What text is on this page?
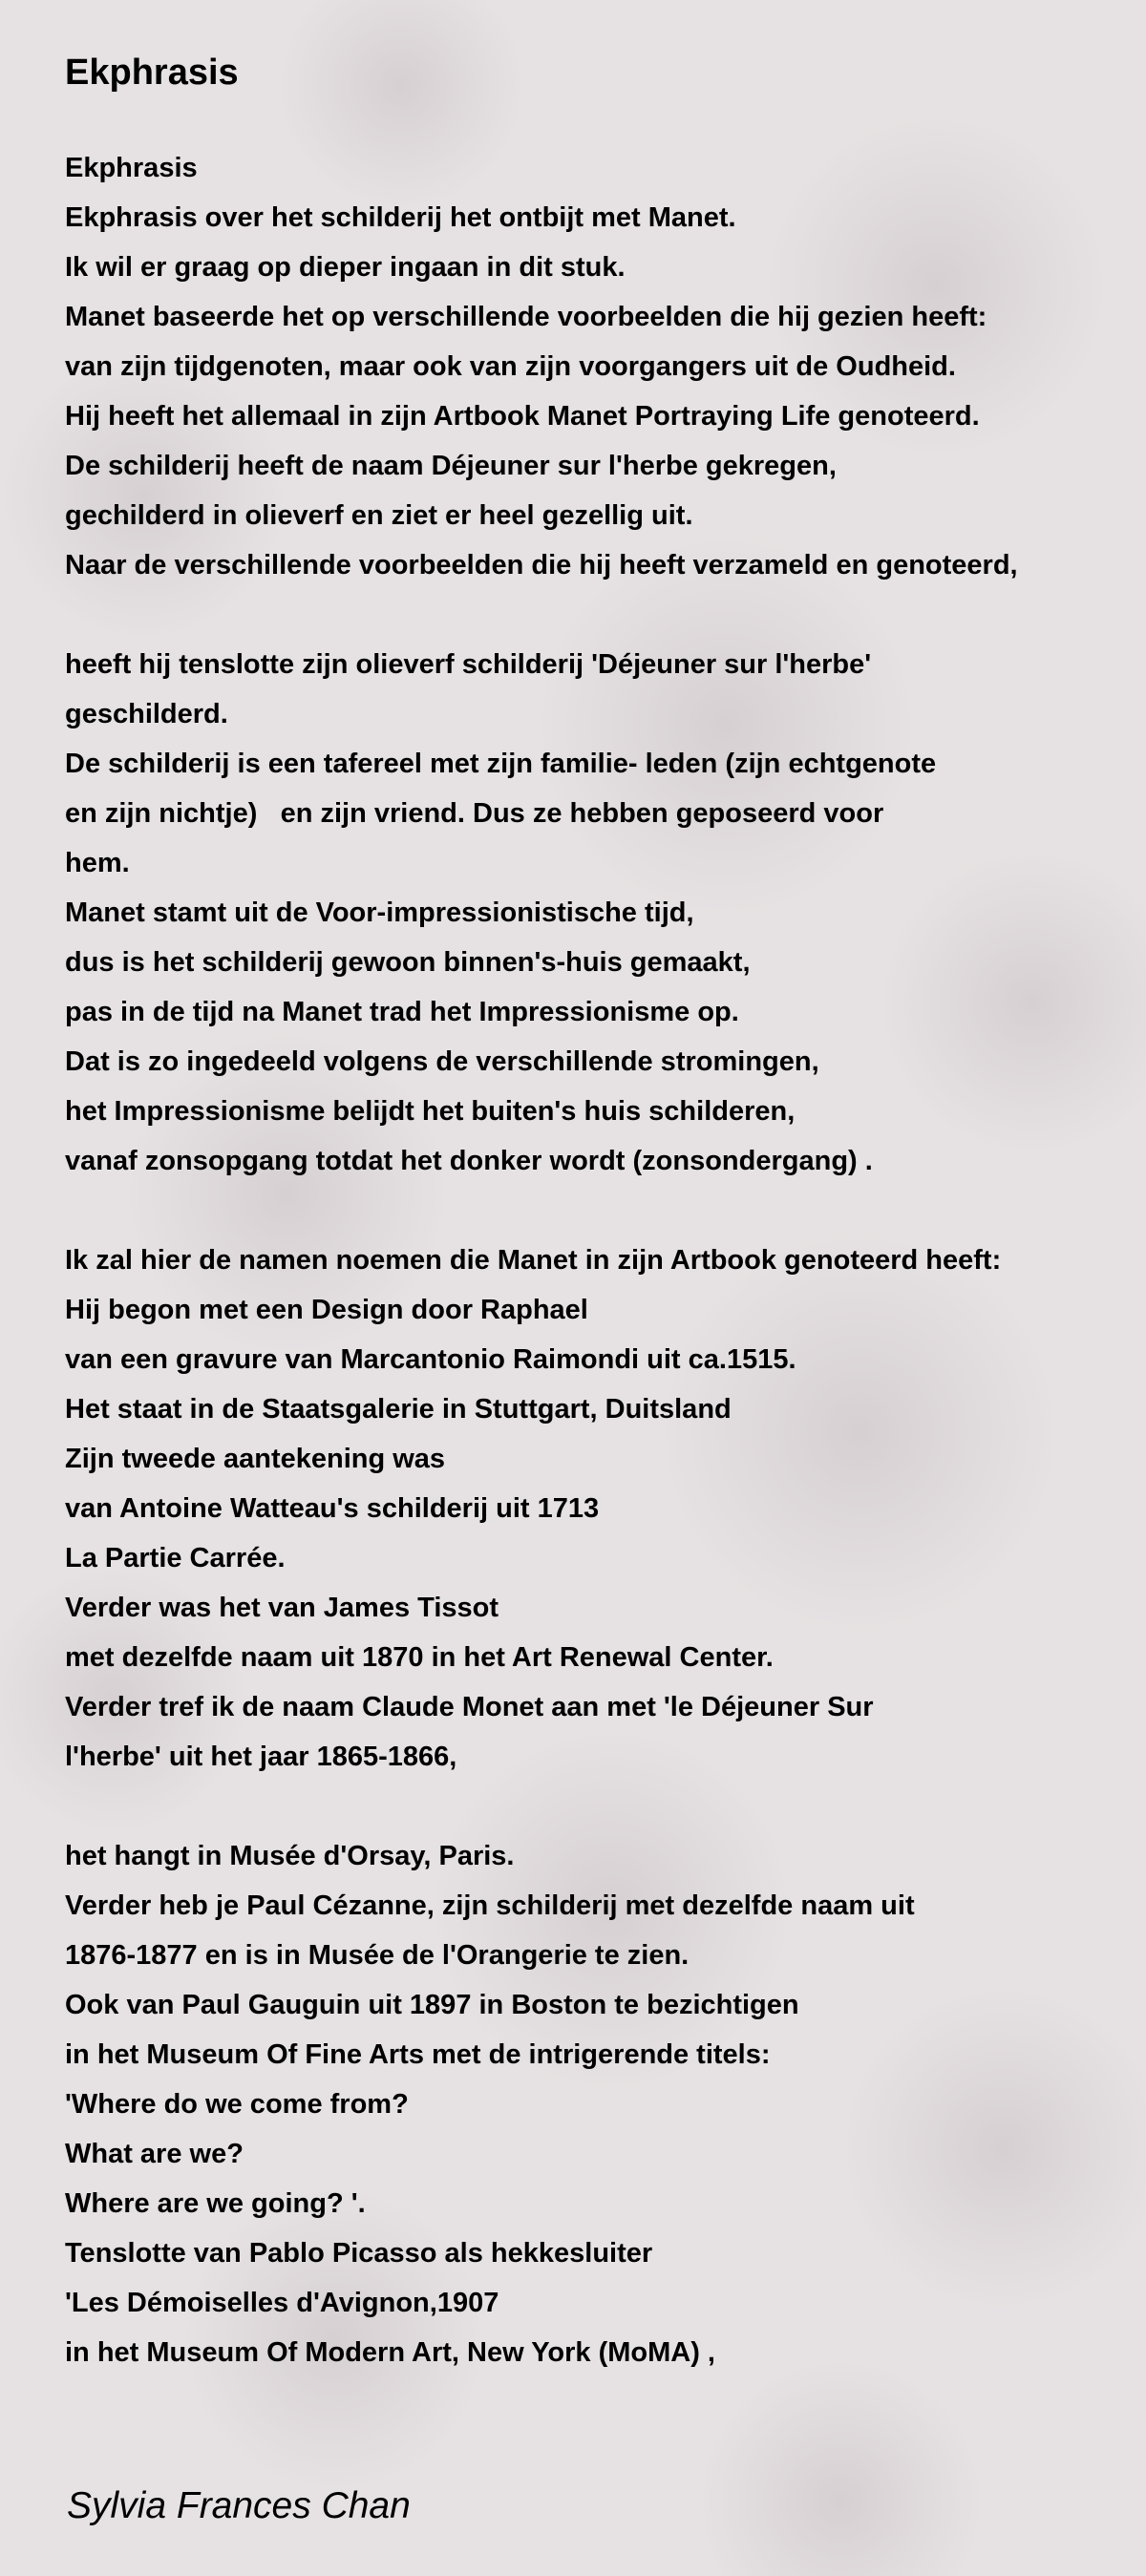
Ekphrasis
Ekphrasis
Ekphrasis over het schilderij het ontbijt met Manet.
Ik wil er graag op dieper ingaan in dit stuk.
Manet baseerde het op verschillende voorbeelden die hij gezien heeft:
van zijn tijdgenoten, maar ook van zijn voorgangers uit de Oudheid.
Hij heeft het allemaal in zijn Artbook Manet Portraying Life genoteerd.
De schilderij heeft de naam Déjeuner sur l'herbe gekregen,
gechilderd in olieverf en ziet er heel gezellig uit.
Naar de verschillende voorbeelden die hij heeft verzameld en genoteerd,
heeft hij tenslotte zijn olieverf schilderij 'Déjeuner sur l'herbe'
geschilderd.
De schilderij is een tafereel met zijn familie- leden (zijn echtgenote
en zijn nichtje)   en zijn vriend. Dus ze hebben geposeerd voor
hem.
Manet stamt uit de Voor-impressionistische tijd,
dus is het schilderij gewoon binnen's-huis gemaakt,
pas in de tijd na Manet trad het Impressionisme op.
Dat is zo ingedeeld volgens de verschillende stromingen,
het Impressionisme belijdt het buiten's huis schilderen,
vanaf zonsopgang totdat het donker wordt (zonsondergang) .
Ik zal hier de namen noemen die Manet in zijn Artbook genoteerd heeft:
Hij begon met een Design door Raphael
van een gravure van Marcantonio Raimondi uit ca.1515.
Het staat in de Staatsgalerie in Stuttgart, Duitsland
Zijn tweede aantekening was
van Antoine Watteau's schilderij uit 1713
La Partie Carrée.
Verder was het van James Tissot
met dezelfde naam uit 1870 in het Art Renewal Center.
Verder tref ik de naam Claude Monet aan met 'le Déjeuner Sur
l'herbe' uit het jaar 1865-1866,
het hangt in Musée d'Orsay, Paris.
Verder heb je Paul Cézanne, zijn schilderij met dezelfde naam uit
1876-1877 en is in Musée de l'Orangerie te zien.
Ook van Paul Gauguin uit 1897 in Boston te bezichtigen
in het Museum Of Fine Arts met de intrigerende titels:
'Where do we come from?
What are we?
Where are we going? '.
Tenslotte van Pablo Picasso als hekkesluiter
'Les Démoiselles d'Avignon,1907
in het Museum Of Modern Art, New York (MoMA) ,
Sylvia Frances Chan
